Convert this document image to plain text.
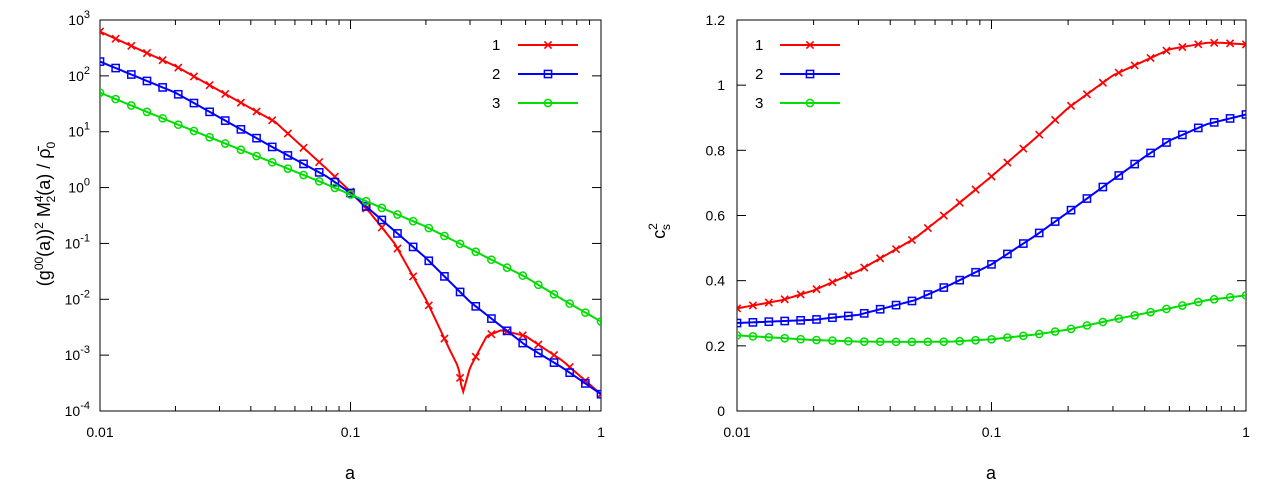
0.01	0.1	1
$10^{-4}$
$10^{-3}$
$10^{-2}$
$10^{-1}$
$10^0$
$10^1$
$10^2$
$10^3$
1
2
3
0.01	0.1	1
0
0.2
0.4
0.6
0.8
1
1.2
1
2
3
a
$(g^{00}(a))^2$ $M^42(a)$ / $\rhō_0$
a
$c^2s$
